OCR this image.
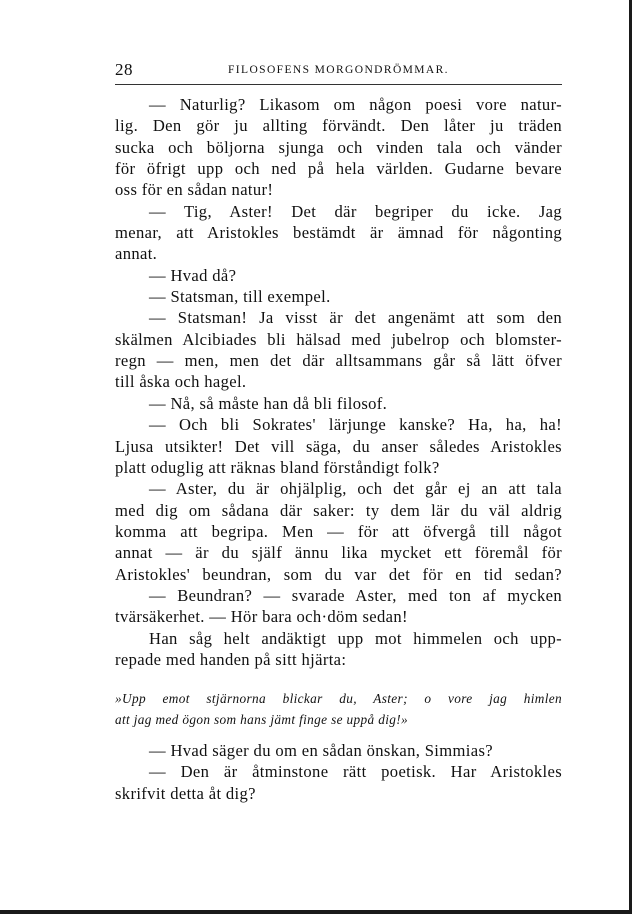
28	FILOSOFENS MORGONDRÖMMAR.
— Naturlig? Likasom om någon poesi vore natur-
lig. Den gör ju allting förvändt. Den låter ju träden
sucka och böljorna sjunga och vinden tala och vänder
för öfrigt upp och ned på hela världen. Gudarne bevare
oss för en sådan natur!
— Tig, Aster! Det där begriper du icke. Jag
menar, att Aristokles bestämdt är ämnad för någonting
annat.
— Hvad då?
— Statsman, till exempel.
— Statsman! Ja visst är det angenämt att som den
skälmen Alcibiades bli hälsad med jubelrop och blomster-
regn — men, men det där alltsammans går så lätt öfver
till åska och hagel.
— Nå, så måste han då bli filosof.
— Och bli Sokrates' lärjunge kanske? Ha, ha, ha!
Ljusa utsikter! Det vill säga, du anser således Aristokles
platt oduglig att räknas bland förståndigt folk?
— Aster, du är ohjälplig, och det går ej an att tala
med dig om sådana där saker: ty dem lär du väl aldrig
komma att begripa. Men — för att öfvergå till något
annat — är du själf ännu lika mycket ett föremål för
Aristokles' beundran, som du var det för en tid sedan?
— Beundran? — svarade Aster, med ton af mycken
tvärsäkerhet. — Hör bara och·döm sedan!
Han såg helt andäktigt upp mot himmelen och upp-
repade med handen på sitt hjärta:
»Upp emot stjärnorna blickar du, Aster; o vore jag himlen
att jag med ögon som hans jämt finge se uppå dig!»
— Hvad säger du om en sådan önskan, Simmias?
— Den är åtminstone rätt poetisk. Har Aristokles
skrifvit detta åt dig?
